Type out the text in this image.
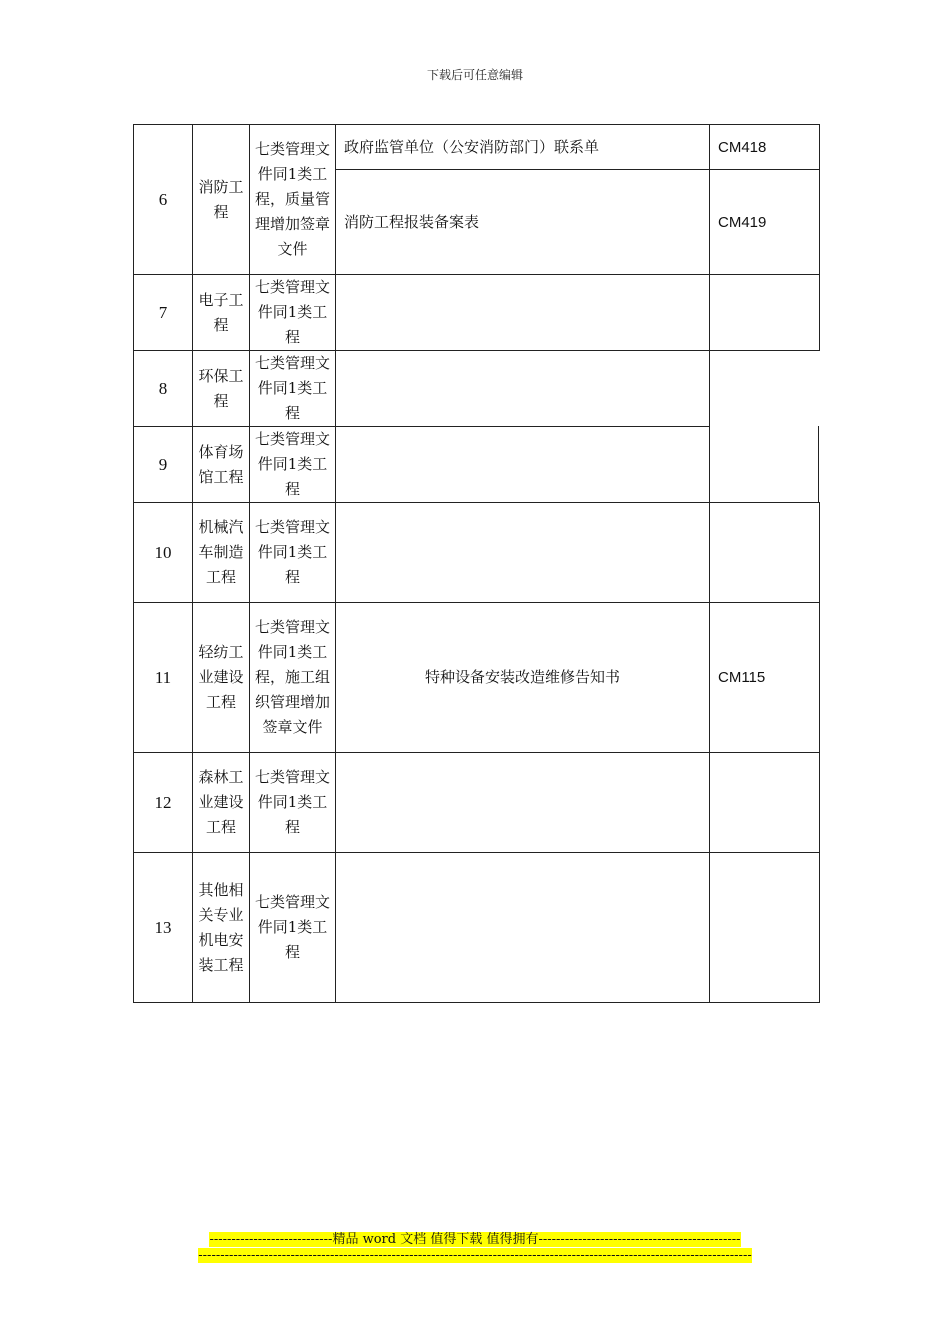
下载后可任意编辑
6	消防工程	七类管理文件同1类工程，质量管理增加签章文件	政府监管单位（公安消防部门）联系单	CM418
			消防工程报装备案表	CM419
7	电子工程	七类管理文件同1类工程		
8	环保工程	七类管理文件同1类工程		
9	体育场馆工程	七类管理文件同1类工程		
10	机械汽车制造工程	七类管理文件同1类工程		
11	轻纺工业建设工程	七类管理文件同1类工程，施工组织管理增加签章文件	特种设备安装改造维修告知书	CM115
12	森林工业建设工程	七类管理文件同1类工程		
13	其他相关专业机电安装工程	七类管理文件同1类工程		
----------------------------精品 word 文档 值得下载 值得拥有----------------------------------------------
------------------------------------------------------------------------------------------------------------------------------
